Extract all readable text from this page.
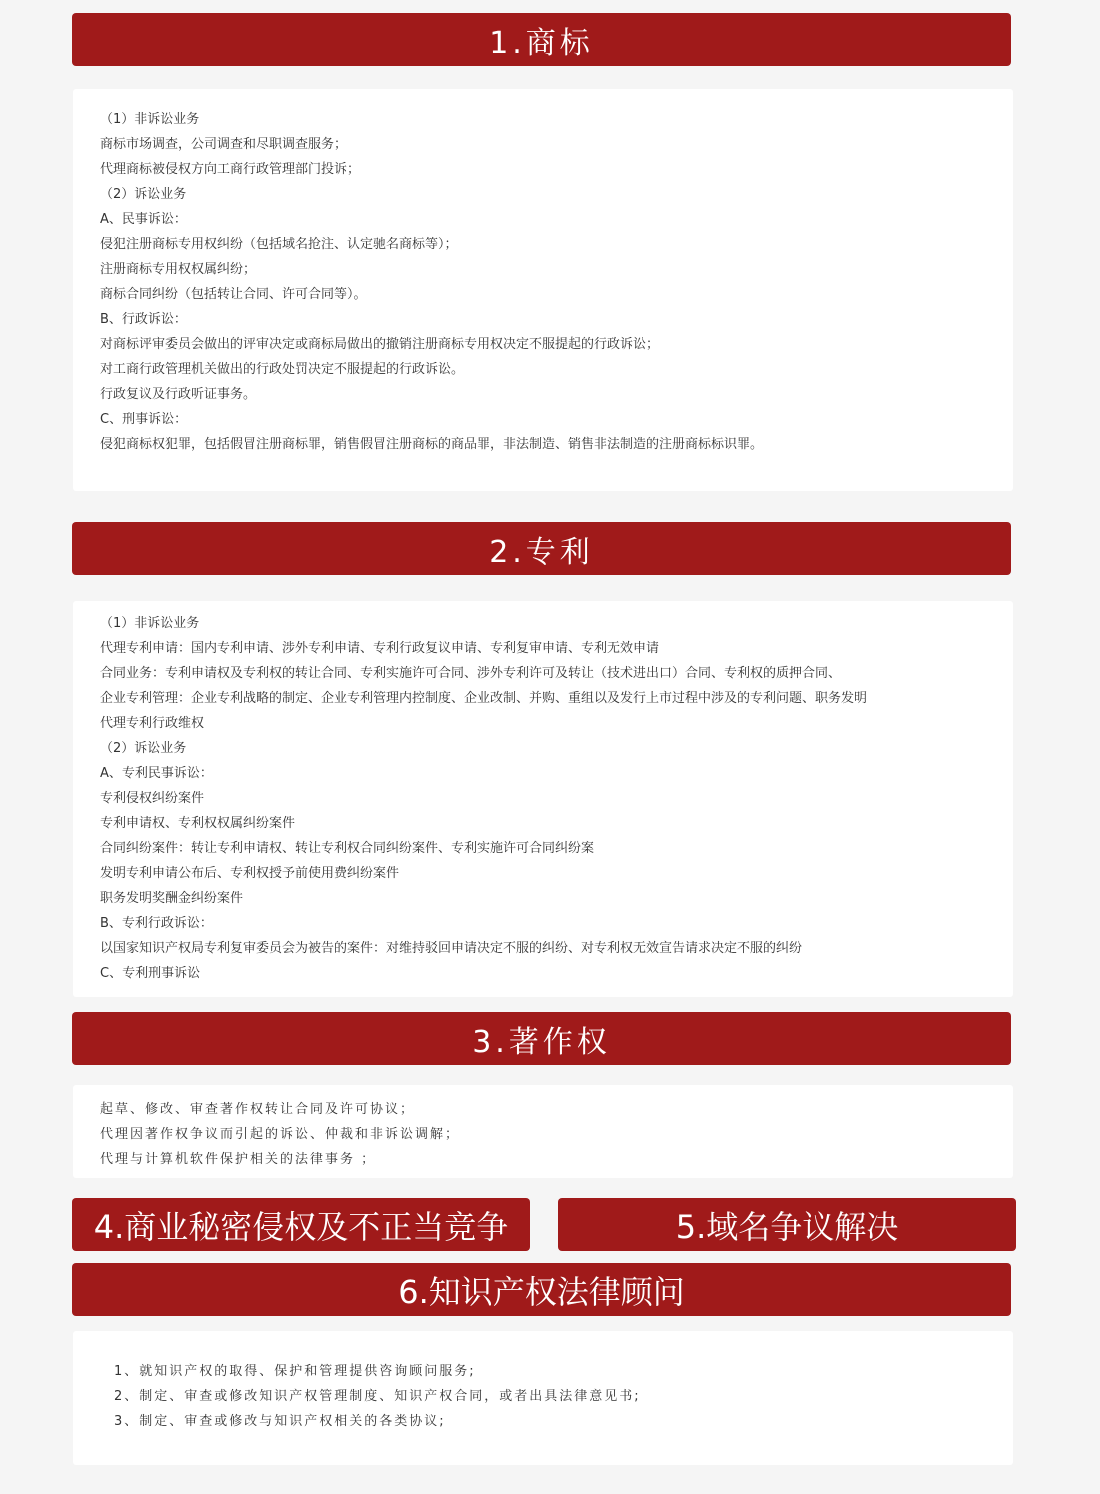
1.商标
（1）非诉讼业务
商标市场调查，公司调查和尽职调查服务；
代理商标被侵权方向工商行政管理部门投诉；
（2）诉讼业务
A、民事诉讼：
侵犯注册商标专用权纠纷（包括域名抢注、认定驰名商标等）；
注册商标专用权权属纠纷；
商标合同纠纷（包括转让合同、许可合同等）。
B、行政诉讼：
对商标评审委员会做出的评审决定或商标局做出的撤销注册商标专用权决定不服提起的行政诉讼；
对工商行政管理机关做出的行政处罚决定不服提起的行政诉讼。
行政复议及行政听证事务。
C、刑事诉讼：
侵犯商标权犯罪，包括假冒注册商标罪，销售假冒注册商标的商品罪，非法制造、销售非法制造的注册商标标识罪。
2.专利
（1）非诉讼业务
代理专利申请：国内专利申请、涉外专利申请、专利行政复议申请、专利复审申请、专利无效申请
合同业务：专利申请权及专利权的转让合同、专利实施许可合同、涉外专利许可及转让（技术进出口）合同、专利权的质押合同、
企业专利管理：企业专利战略的制定、企业专利管理内控制度、企业改制、并购、重组以及发行上市过程中涉及的专利问题、职务发明
代理专利行政维权
（2）诉讼业务
A、专利民事诉讼：
专利侵权纠纷案件
专利申请权、专利权权属纠纷案件
合同纠纷案件：转让专利申请权、转让专利权合同纠纷案件、专利实施许可合同纠纷案
发明专利申请公布后、专利权授予前使用费纠纷案件
职务发明奖酬金纠纷案件
B、专利行政诉讼：
以国家知识产权局专利复审委员会为被告的案件：对维持驳回申请决定不服的纠纷、对专利权无效宣告请求决定不服的纠纷
C、专利刑事诉讼
3.著作权
起草、修改、审查著作权转让合同及许可协议；
代理因著作权争议而引起的诉讼、仲裁和非诉讼调解；
代理与计算机软件保护相关的法律事务 ；
4.商业秘密侵权及不正当竞争	5.域名争议解决
6.知识产权法律顾问
1、就知识产权的取得、保护和管理提供咨询顾问服务;
2、制定、审查或修改知识产权管理制度、知识产权合同，或者出具法律意见书;
3、制定、审查或修改与知识产权相关的各类协议;
